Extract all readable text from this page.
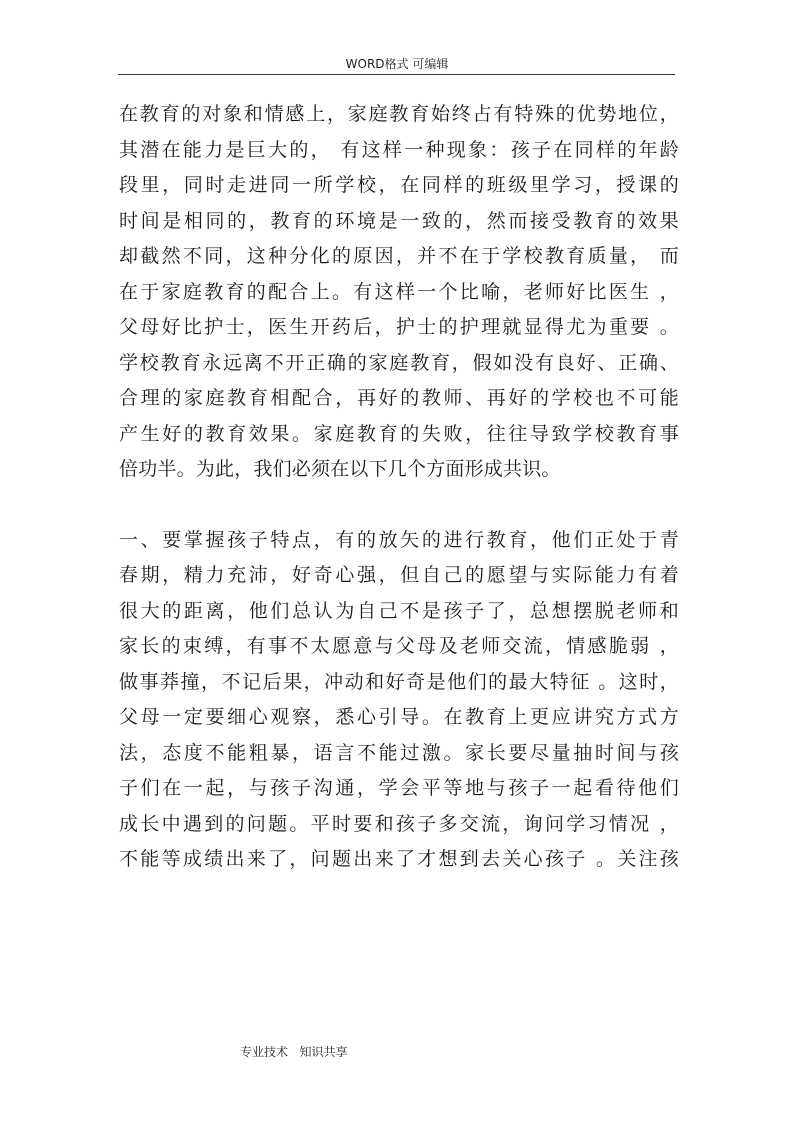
WORD格式 可编辑
在教育的对象和情感上，家庭教育始终占有特殊的优势地位，
其潜在能力是巨大的， 有这样一种现象：孩子在同样的年龄
段里，同时走进同一所学校，在同样的班级里学习，授课的
时间是相同的，教育的环境是一致的，然而接受教育的效果
却截然不同，这种分化的原因，并不在于学校教育质量， 而
在于家庭教育的配合上。有这样一个比喻，老师好比医生 ，
父母好比护士，医生开药后，护士的护理就显得尤为重要 。
学校教育永远离不开正确的家庭教育，假如没有良好、正确、
合理的家庭教育相配合，再好的教师、再好的学校也不可能
产生好的教育效果。家庭教育的失败，往往导致学校教育事
倍功半。为此，我们必须在以下几个方面形成共识。
一、要掌握孩子特点，有的放矢的进行教育，他们正处于青
春期，精力充沛，好奇心强，但自己的愿望与实际能力有着
很大的距离，他们总认为自己不是孩子了，总想摆脱老师和
家长的束缚，有事不太愿意与父母及老师交流，情感脆弱 ，
做事莽撞，不记后果，冲动和好奇是他们的最大特征 。这时，
父母一定要细心观察，悉心引导。在教育上更应讲究方式方
法，态度不能粗暴，语言不能过激。家长要尽量抽时间与孩
子们在一起，与孩子沟通，学会平等地与孩子一起看待他们
成长中遇到的问题。平时要和孩子多交流，询问学习情况 ，
不能等成绩出来了，问题出来了才想到去关心孩子 。关注孩
专业技术   知识共享
